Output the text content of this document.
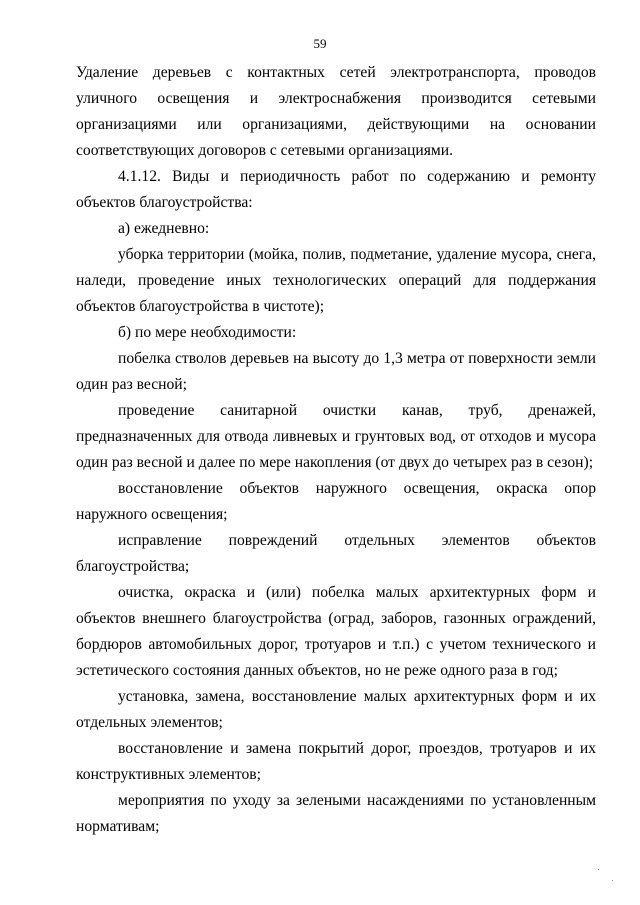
59

Удаление деревьев с контактных сетей электротранспорта, проводов уличного освещения и электроснабжения производится сетевыми организациями или организациями, действующими на основании соответствующих договоров с сетевыми организациями.

4.1.12. Виды и периодичность работ по содержанию и ремонту объектов благоустройства:

а) ежедневно:

уборка территории (мойка, полив, подметание, удаление мусора, снега, наледи, проведение иных технологических операций для поддержания объектов благоустройства в чистоте);

б) по мере необходимости:

побелка стволов деревьев на высоту до 1,3 метра от поверхности земли один раз весной;

проведение санитарной очистки канав, труб, дренажей, предназначенных для отвода ливневых и грунтовых вод, от отходов и мусора один раз весной и далее по мере накопления (от двух до четырех раз в сезон);

восстановление объектов наружного освещения, окраска опор наружного освещения;

исправление повреждений отдельных элементов объектов благоустройства;

очистка, окраска и (или) побелка малых архитектурных форм и объектов внешнего благоустройства (оград, заборов, газонных ограждений, бордюров автомобильных дорог, тротуаров и т.п.) с учетом технического и эстетического состояния данных объектов, но не реже одного раза в год;

установка, замена, восстановление малых архитектурных форм и их отдельных элементов;

восстановление и замена покрытий дорог, проездов, тротуаров и их конструктивных элементов;

мероприятия по уходу за зелеными насаждениями по установленным нормативам;
